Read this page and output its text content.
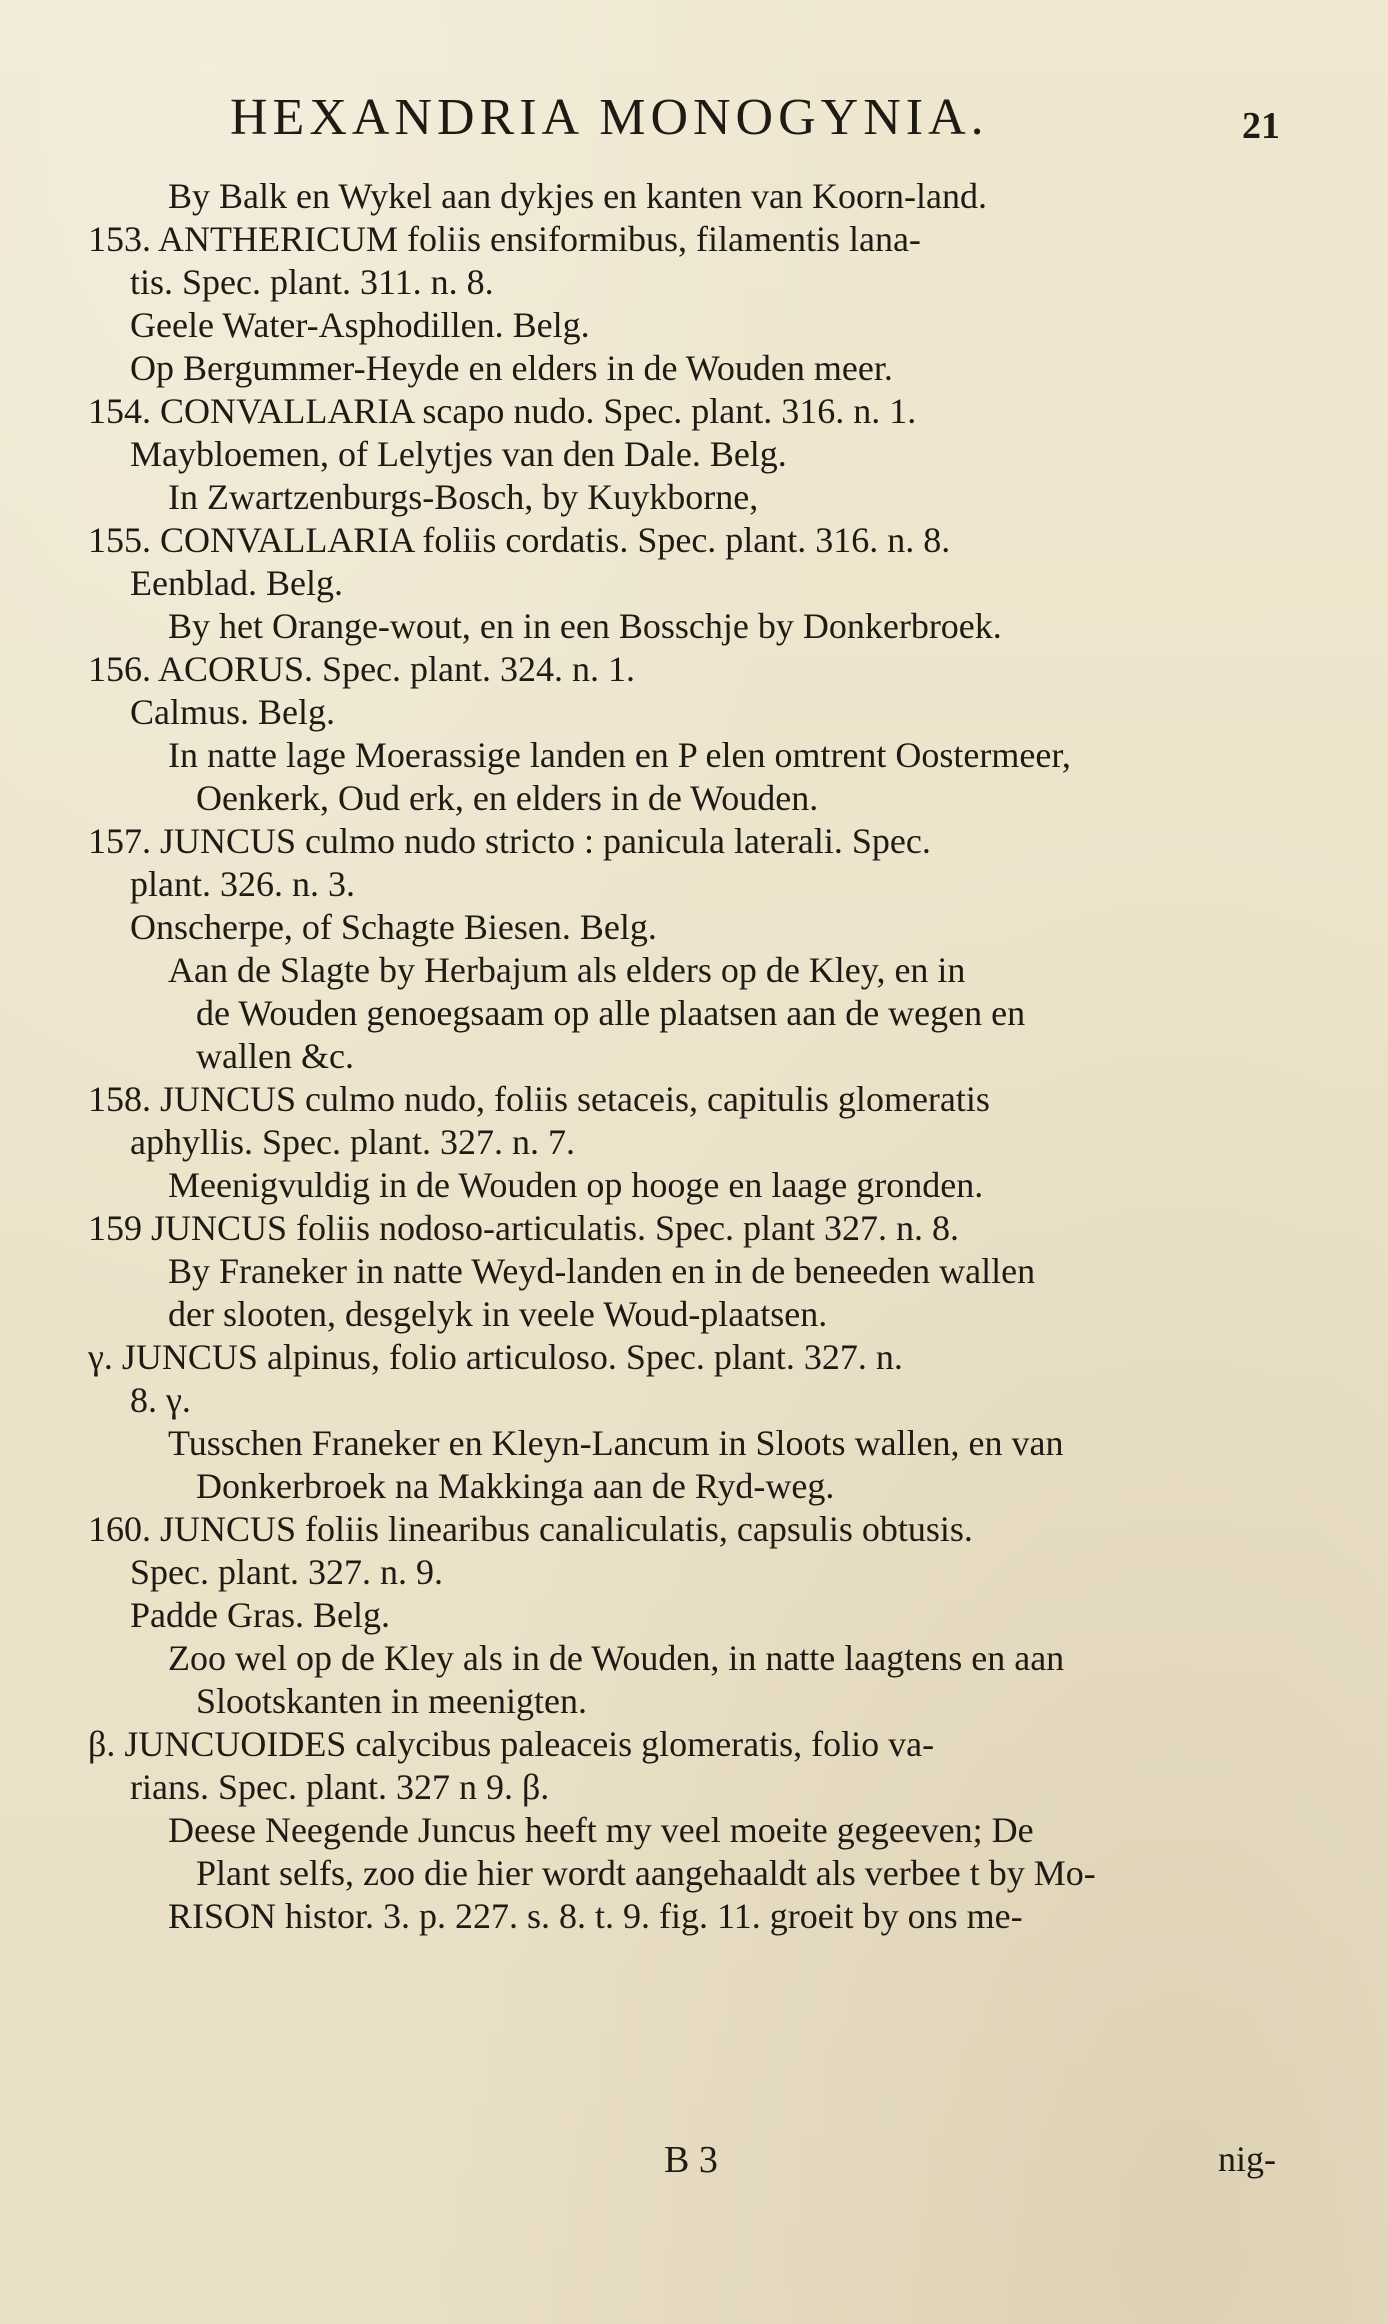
HEXANDRIA MONOGYNIA.	21
By Balk en Wykel aan dykjes en kanten van Koorn-land.
153. ANTHERICUM foliis ensiformibus, filamentis lana-
tis. Spec. plant. 311. n. 8.
Geele Water-Asphodillen. Belg.
Op Bergummer-Heyde en elders in de Wouden meer.
154. CONVALLARIA scapo nudo. Spec. plant. 316. n. 1.
Maybloemen, of Lelytjes van den Dale. Belg.
In Zwartzenburgs-Bosch, by Kuykborne,
155. CONVALLARIA foliis cordatis. Spec. plant. 316. n. 8.
Eenblad. Belg.
By het Orange-wout, en in een Bosschje by Donkerbroek.
156. ACORUS. Spec. plant. 324. n. 1.
Calmus. Belg.
In natte lage Moerassige landen en P elen omtrent Oostermeer,
Oenkerk, Oud erk, en elders in de Wouden.
157. JUNCUS culmo nudo stricto : panicula laterali. Spec.
plant. 326. n. 3.
Onscherpe, of Schagte Biesen. Belg.
Aan de Slagte by Herbajum als elders op de Kley, en in
de Wouden genoegsaam op alle plaatsen aan de wegen en
wallen &c.
158. JUNCUS culmo nudo, foliis setaceis, capitulis glomeratis
aphyllis. Spec. plant. 327. n. 7.
Meenigvuldig in de Wouden op hooge en laage gronden.
159 JUNCUS foliis nodoso-articulatis. Spec. plant 327. n. 8.
By Franeker in natte Weyd-landen en in de beneeden wallen
der slooten, desgelyk in veele Woud-plaatsen.
γ. JUNCUS alpinus, folio articuloso. Spec. plant. 327. n.
8. γ.
Tusschen Franeker en Kleyn-Lancum in Sloots wallen, en van
Donkerbroek na Makkinga aan de Ryd-weg.
160. JUNCUS foliis linearibus canaliculatis, capsulis obtusis.
Spec. plant. 327. n. 9.
Padde Gras. Belg.
Zoo wel op de Kley als in de Wouden, in natte laagtens en aan
Slootskanten in meenigten.
β. JUNCUOIDES calycibus paleaceis glomeratis, folio va-
rians. Spec. plant. 327 n 9. β.
Deese Neegende Juncus heeft my veel moeite gegeeven; De
Plant selfs, zoo die hier wordt aangehaaldt als verbee t by Mo-
RISON histor. 3. p. 227. s. 8. t. 9. fig. 11. groeit by ons me-
B 3	nig-
